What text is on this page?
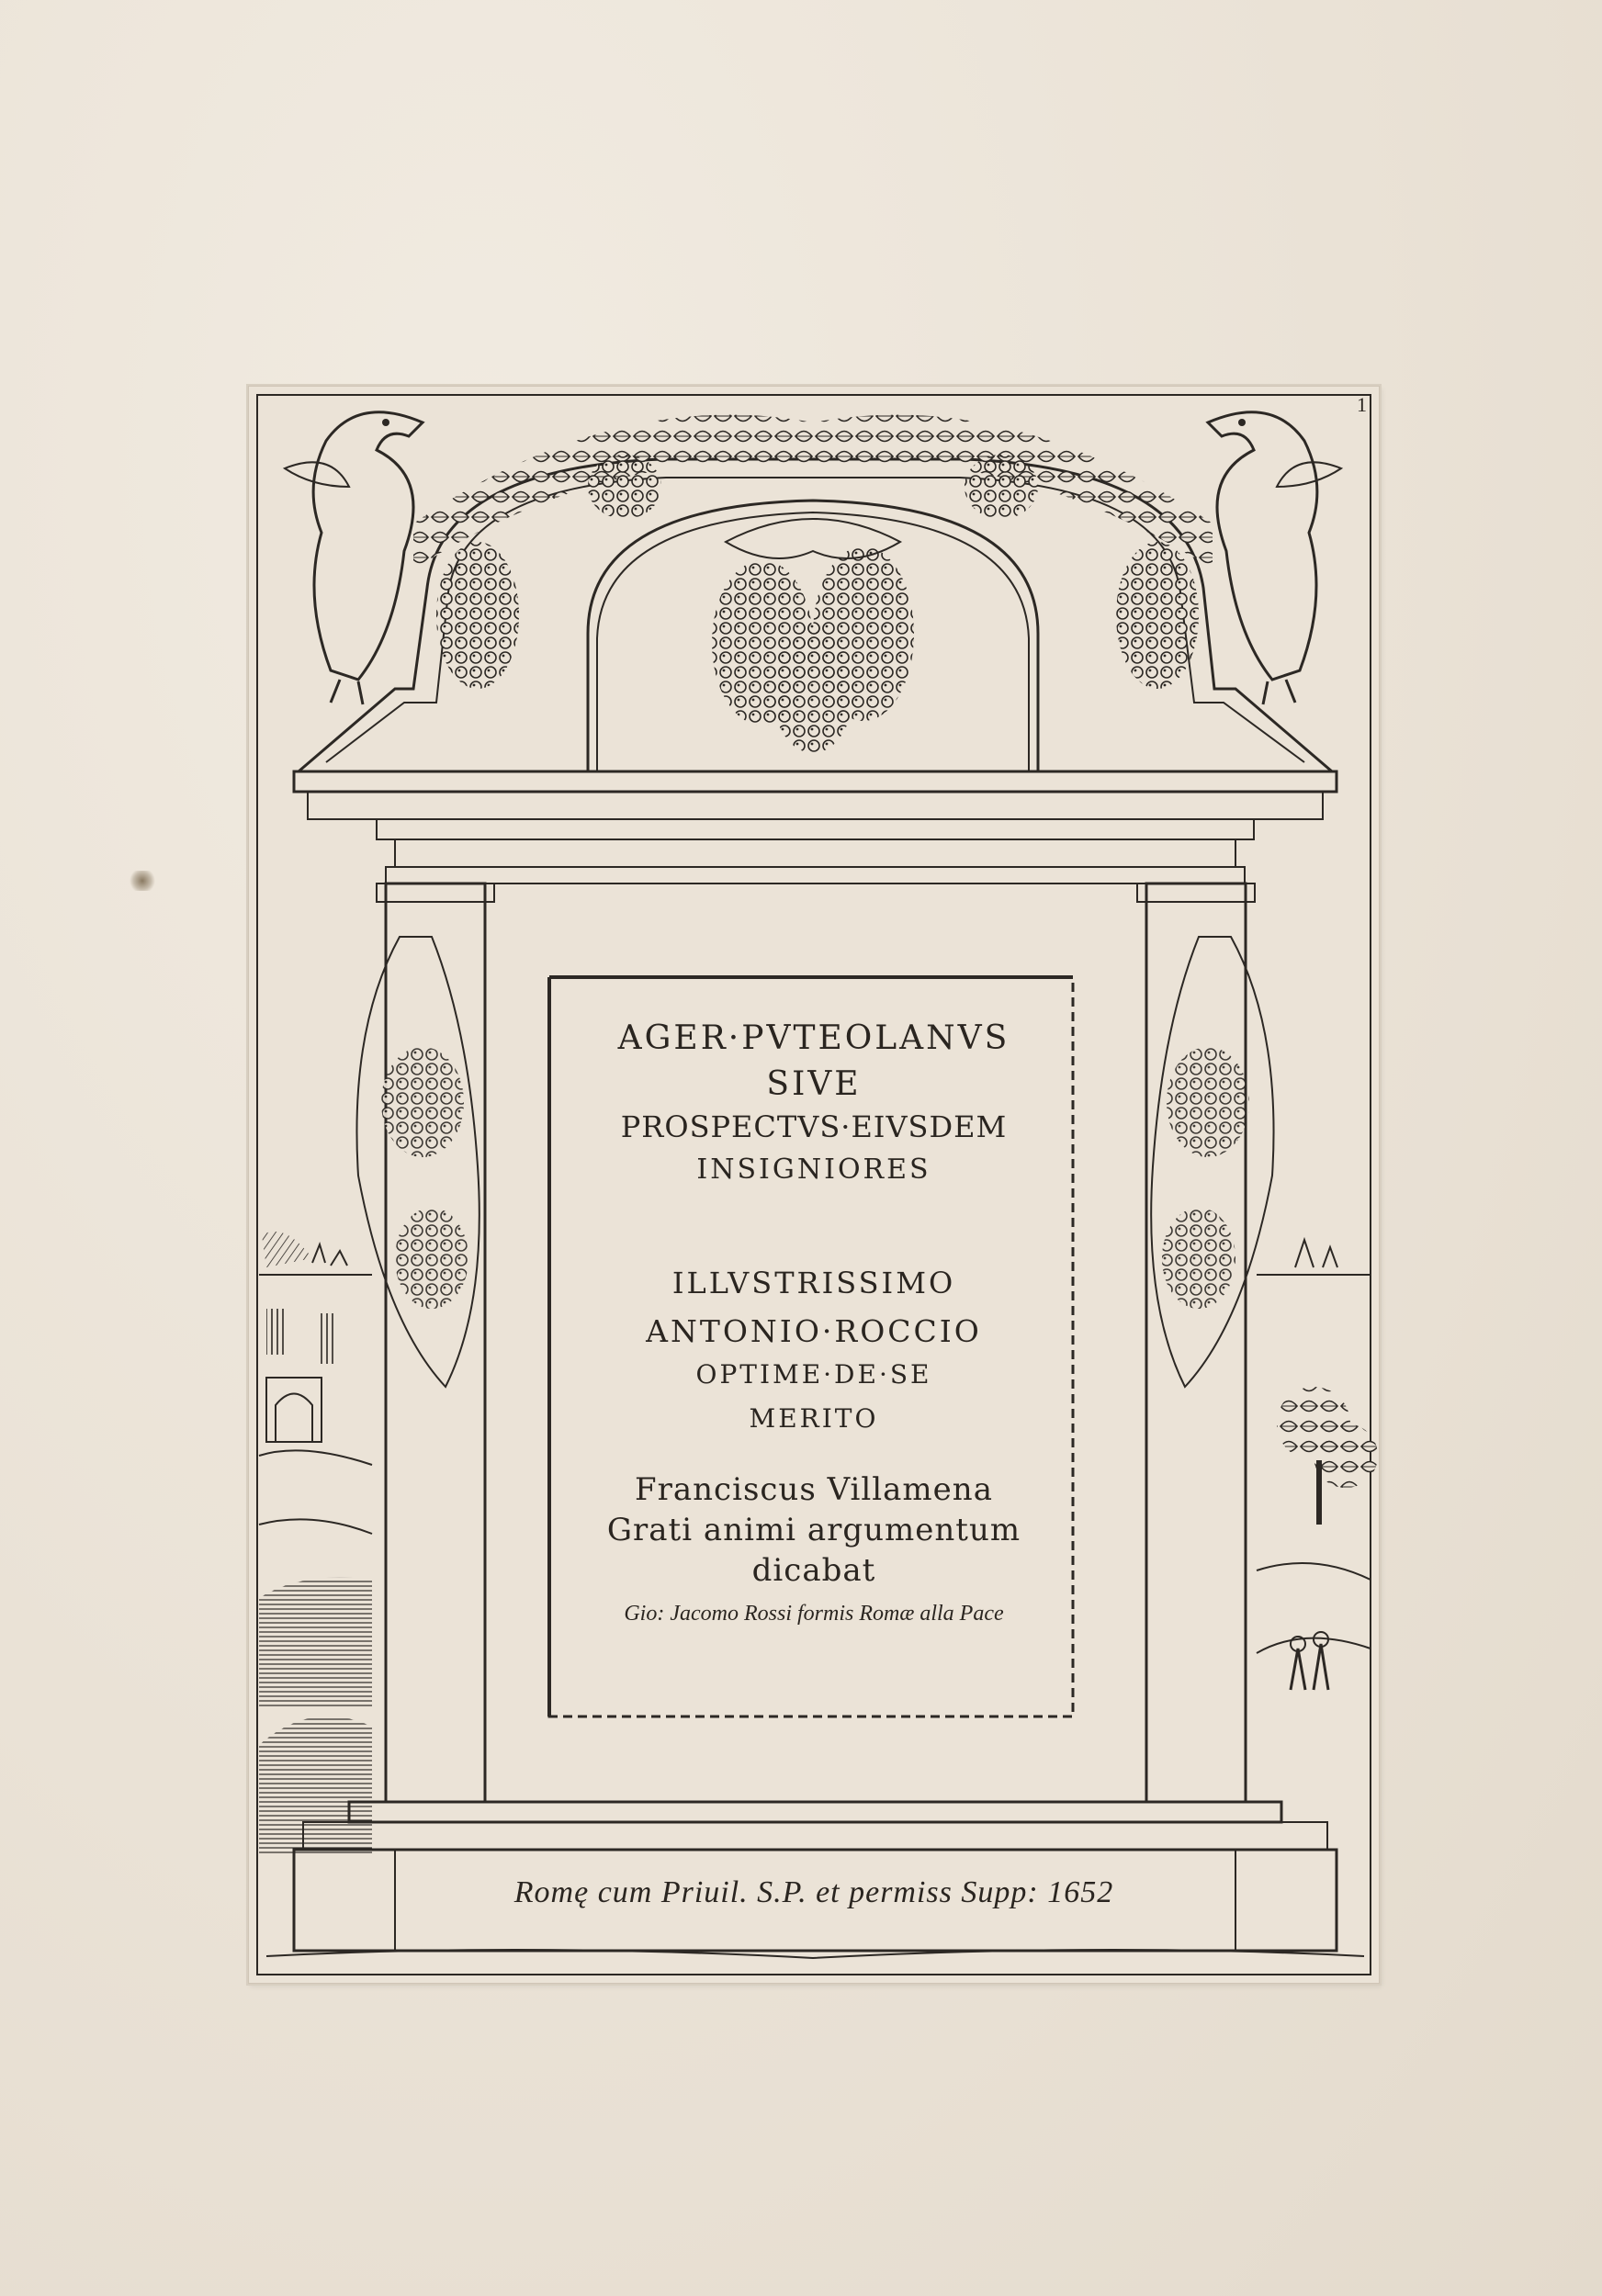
1
AGER·PVTEOLANVS
SIVE
PROSPECTVS·EIVSDEM
INSIGNIORES
ILLVSTRISSIMO
ANTONIO·ROCCIO
OPTIME·DE·SE
MERITO
Franciscus Villamena
Grati animi argumentum
dicabat
Gio: Jacomo Rossi formis Romæ alla Pace
Romę cum Priuil. S.P. et permiss Supp: 1652
